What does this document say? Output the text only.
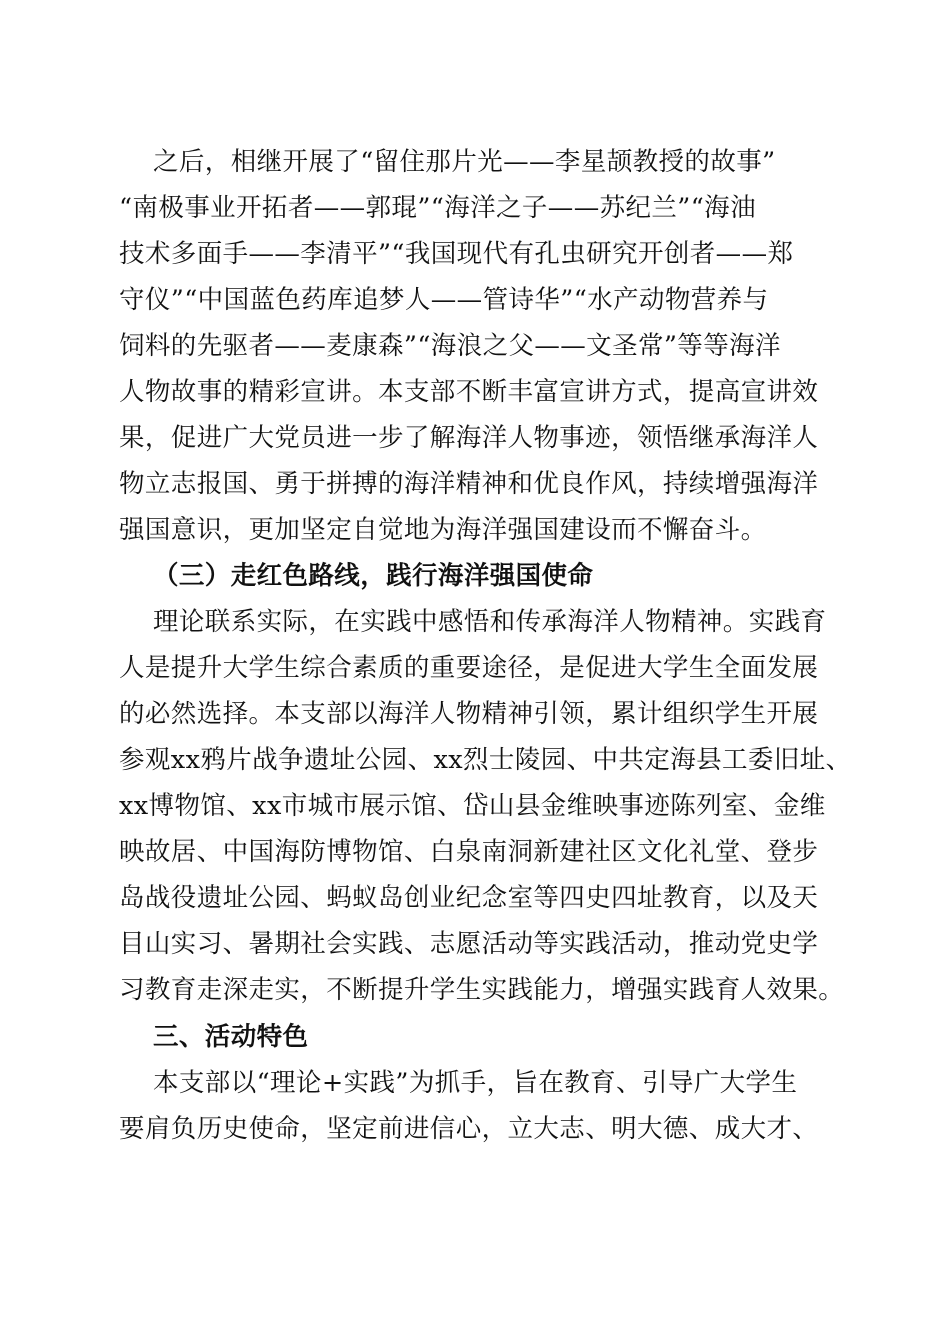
之后，相继开展了“留住那片光——李星颉教授的故事”
“南极事业开拓者——郭琨”“海洋之子——苏纪兰”“海油
技术多面手——李清平”“我国现代有孔虫研究开创者——郑
守仪”“中国蓝色药库追梦人——管诗华”“水产动物营养与
饲料的先驱者——麦康森”“海浪之父——文圣常”等等海洋
人物故事的精彩宣讲。本支部不断丰富宣讲方式，提高宣讲效
果，促进广大党员进一步了解海洋人物事迹，领悟继承海洋人
物立志报国、勇于拼搏的海洋精神和优良作风，持续增强海洋
强国意识，更加坚定自觉地为海洋强国建设而不懈奋斗。
（三）走红色路线，践行海洋强国使命
理论联系实际，在实践中感悟和传承海洋人物精神。实践育
人是提升大学生综合素质的重要途径，是促进大学生全面发展
的必然选择。本支部以海洋人物精神引领，累计组织学生开展
参观xx鸦片战争遗址公园、xx烈士陵园、中共定海县工委旧址、
xx博物馆、xx市城市展示馆、岱山县金维映事迹陈列室、金维
映故居、中国海防博物馆、白泉南洞新建社区文化礼堂、登步
岛战役遗址公园、蚂蚁岛创业纪念室等四史四址教育，以及天
目山实习、暑期社会实践、志愿活动等实践活动，推动党史学
习教育走深走实，不断提升学生实践能力，增强实践育人效果。
三、活动特色
本支部以“理论+实践”为抓手，旨在教育、引导广大学生
要肩负历史使命，坚定前进信心，立大志、明大德、成大才、
